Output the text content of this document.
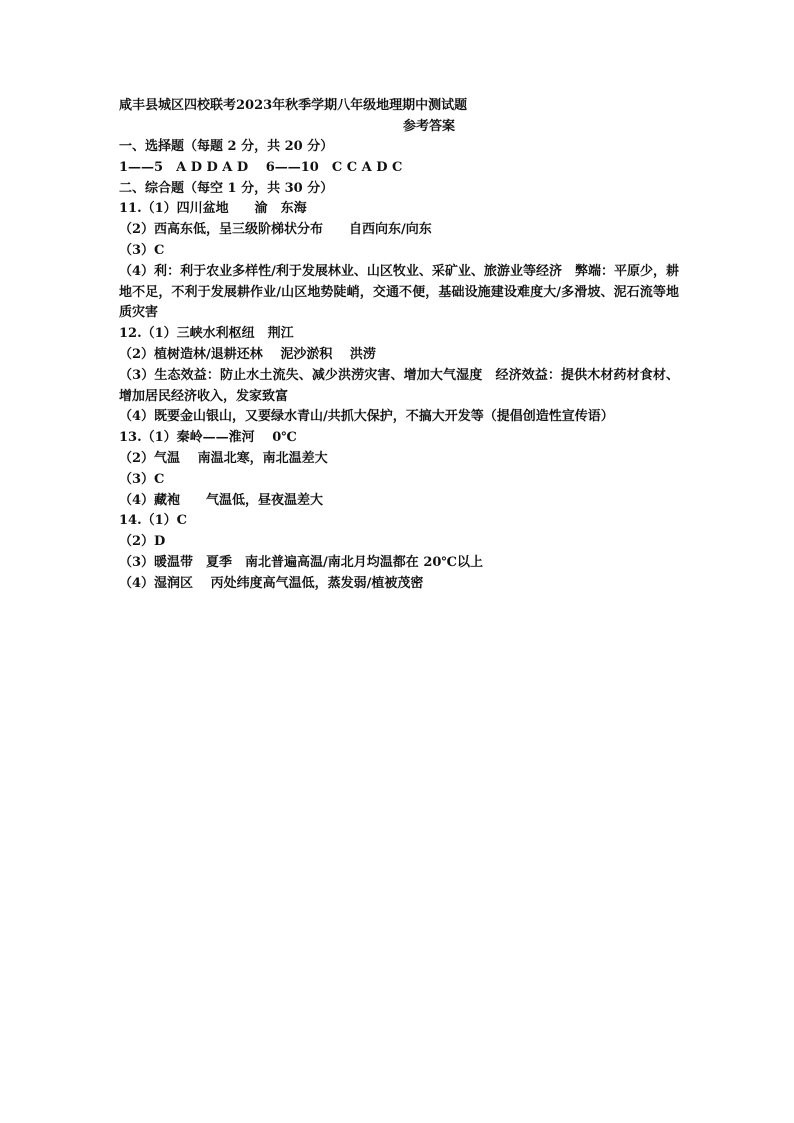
咸丰县城区四校联考2023年秋季学期八年级地理期中测试题
参考答案
一、选择题（每题 2 分，共 20 分）
1——5　A D D A D　 6——10　C C A D C
二、综合题（每空 1 分，共 30 分）
11.（1）四川盆地　　渝　东海
（2）西高东低，呈三级阶梯状分布　　自西向东/向东
（3）C
（4）利：利于农业多样性/利于发展林业、山区牧业、采矿业、旅游业等经济　弊端：平原少，耕地不足，不利于发展耕作业/山区地势陡峭，交通不便，基础设施建设难度大/多滑坡、泥石流等地质灾害
12.（1）三峡水利枢纽　荆江
（2）植树造林/退耕还林　 泥沙淤积　 洪涝
（3）生态效益：防止水土流失、减少洪涝灾害、增加大气湿度　经济效益：提供木材药材食材、增加居民经济收入，发家致富
（4）既要金山银山，又要绿水青山/共抓大保护，不搞大开发等（提倡创造性宣传语）
13.（1）秦岭——淮河　 0℃
（2）气温　 南温北寒，南北温差大
（3）C
（4）藏袍　　气温低，昼夜温差大
14.（1）C
（2）D
（3）暖温带　夏季　南北普遍高温/南北月均温都在 20℃以上
（4）湿润区　 丙处纬度高气温低，蒸发弱/植被茂密
